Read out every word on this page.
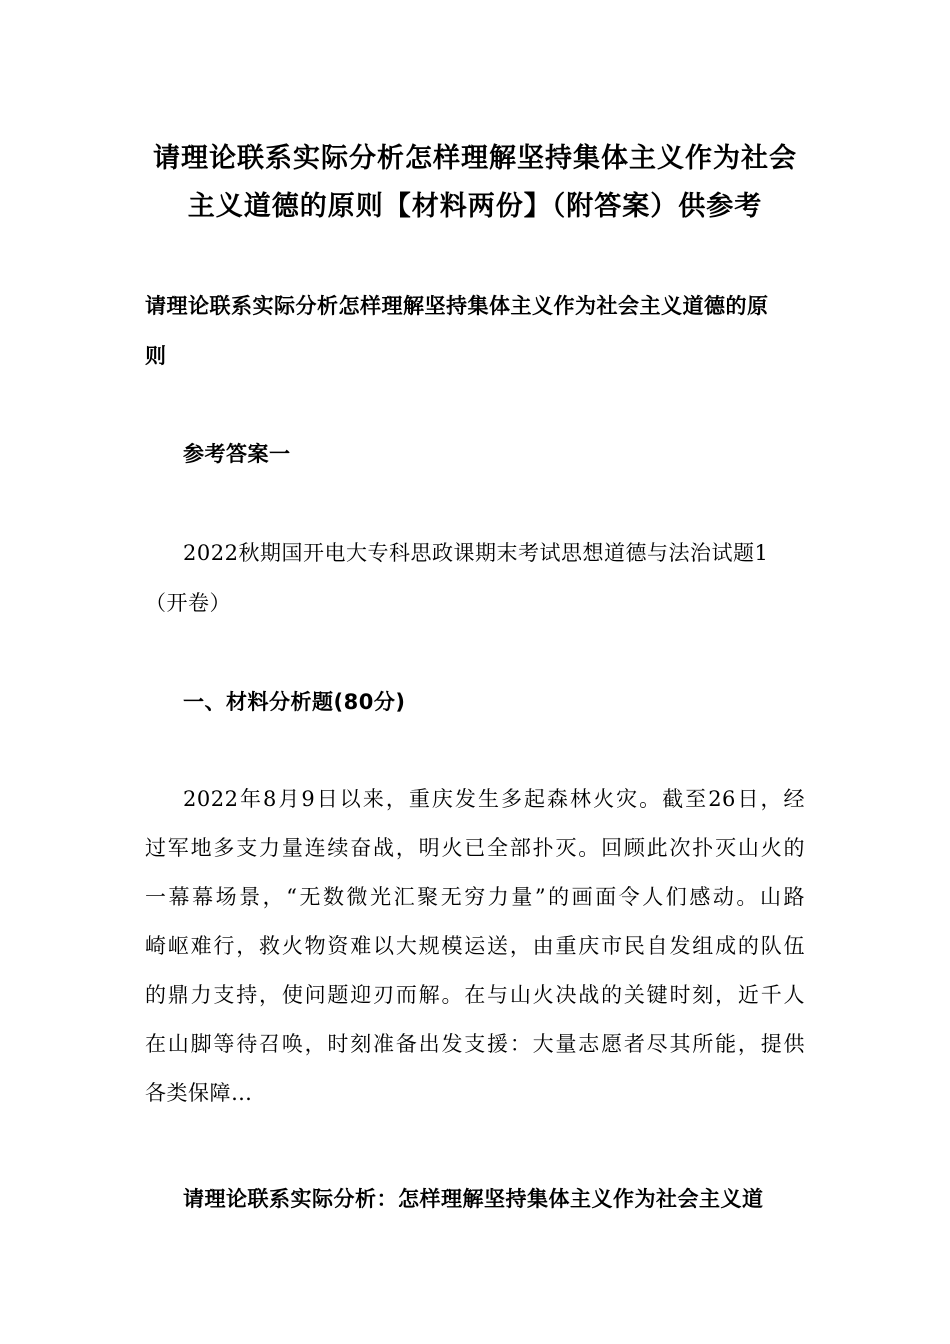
请理论联系实际分析怎样理解坚持集体主义作为社会
主义道德的原则【材料两份】（附答案）供参考
请理论联系实际分析怎样理解坚持集体主义作为社会主义道德的原
则
参考答案一
2022秋期国开电大专科思政课期末考试思想道德与法治试题1
（开卷）
一、材料分析题(80分)
2022年8月9日以来，重庆发生多起森林火灾。截至26日，经
过军地多支力量连续奋战，明火已全部扑灭。回顾此次扑灭山火的
一幕幕场景，“无数微光汇聚无穷力量”的画面令人们感动。山路
崎岖难行，救火物资难以大规模运送，由重庆市民自发组成的队伍
的鼎力支持，使问题迎刃而解。在与山火决战的关键时刻，近千人
在山脚等待召唤，时刻准备出发支援：大量志愿者尽其所能，提供
各类保障…
请理论联系实际分析：怎样理解坚持集体主义作为社会主义道
